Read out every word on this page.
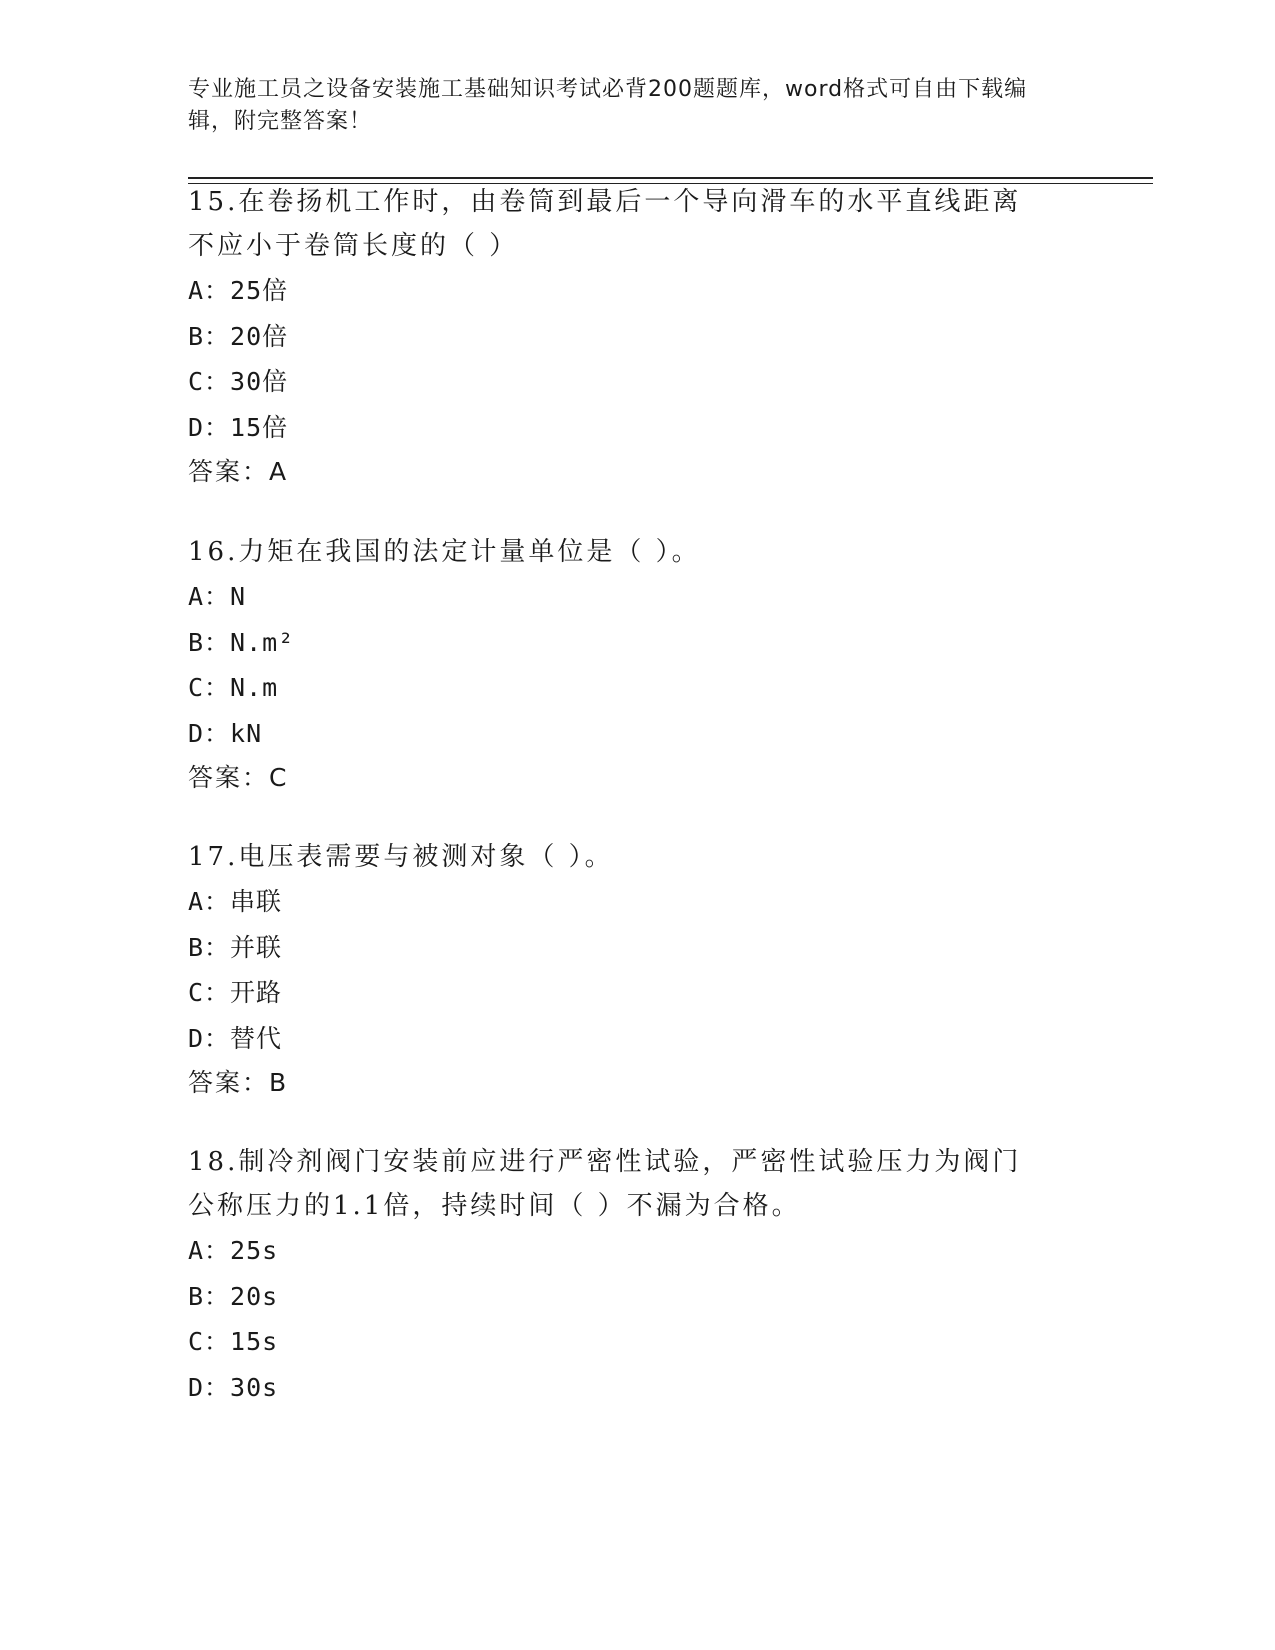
专业施工员之设备安装施工基础知识考试必背200题题库，word格式可自由下载编辑，附完整答案！

15.在卷扬机工作时，由卷筒到最后一个导向滑车的水平直线距离不应小于卷筒长度的（ ）

A：25倍
B：20倍
C：30倍
D：15倍
答案：A

16.力矩在我国的法定计量单位是（ ）。

A：N
B：N.m²
C：N.m
D：kN
答案：C

17.电压表需要与被测对象（ ）。

A：串联
B：并联
C：开路
D：替代
答案：B

18.制冷剂阀门安装前应进行严密性试验，严密性试验压力为阀门公称压力的1.1倍，持续时间（ ）不漏为合格。

A：25s
B：20s
C：15s
D：30s
